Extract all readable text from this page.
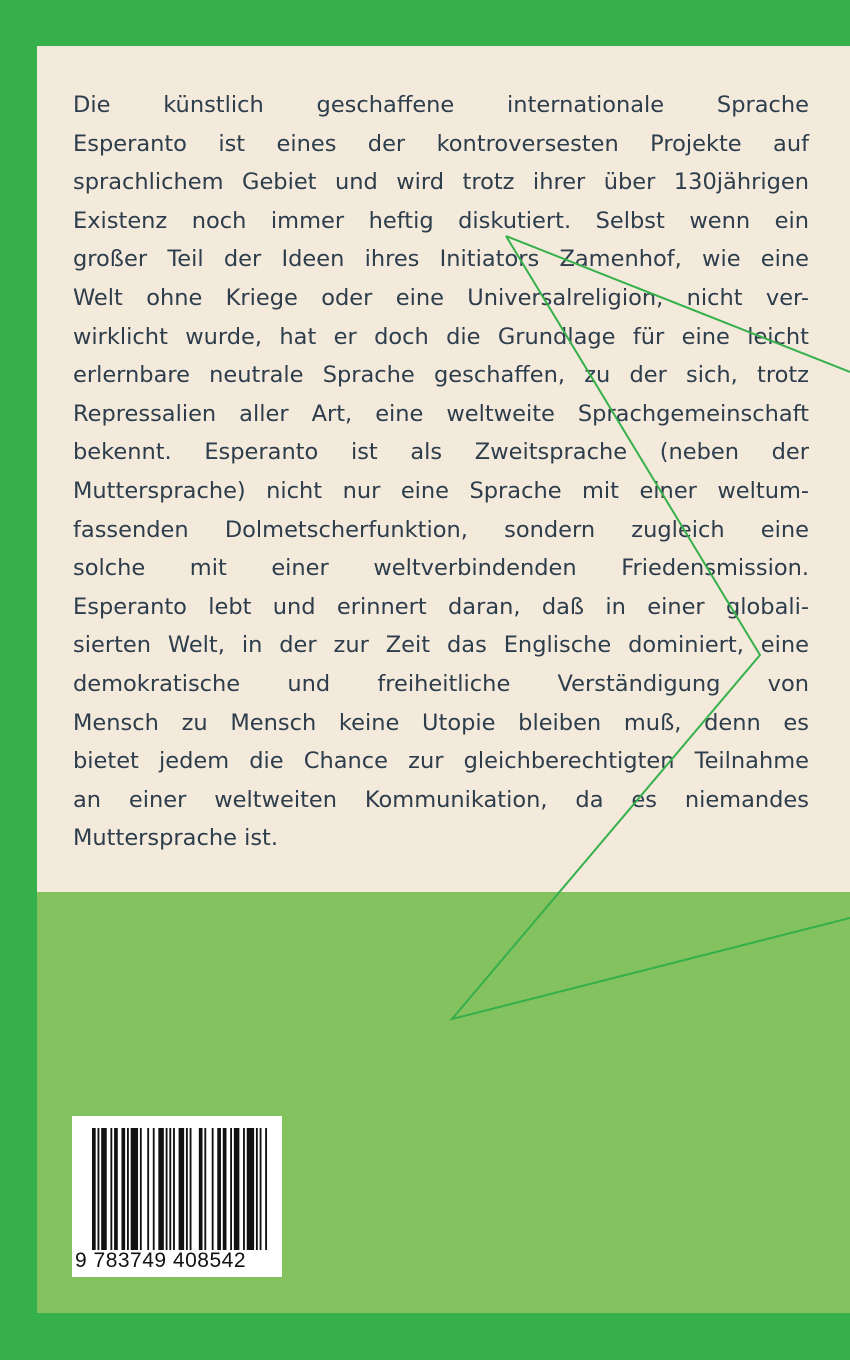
Die künstlich geschaffene internationale Sprache
Esperanto ist eines der kontroversesten Projekte auf
sprachlichem Gebiet und wird trotz ihrer über 130jährigen
Existenz noch immer heftig diskutiert. Selbst wenn ein
großer Teil der Ideen ihres Initiators Zamenhof, wie eine
Welt ohne Kriege oder eine Universalreligion, nicht ver-
wirklicht wurde, hat er doch die Grundlage für eine leicht
erlernbare neutrale Sprache geschaffen, zu der sich, trotz
Repressalien aller Art, eine weltweite Sprachgemeinschaft
bekennt. Esperanto ist als Zweitsprache (neben der
Muttersprache) nicht nur eine Sprache mit einer weltum-
fassenden Dolmetscherfunktion, sondern zugleich eine
solche mit einer weltverbindenden Friedensmission.
Esperanto lebt und erinnert daran, daß in einer globali-
sierten Welt, in der zur Zeit das Englische dominiert, eine
demokratische und freiheitliche Verständigung von
Mensch zu Mensch keine Utopie bleiben muß, denn es
bietet jedem die Chance zur gleichberechtigten Teilnahme
an einer weltweiten Kommunikation, da es niemandes
Muttersprache ist.

9 783749 408542
